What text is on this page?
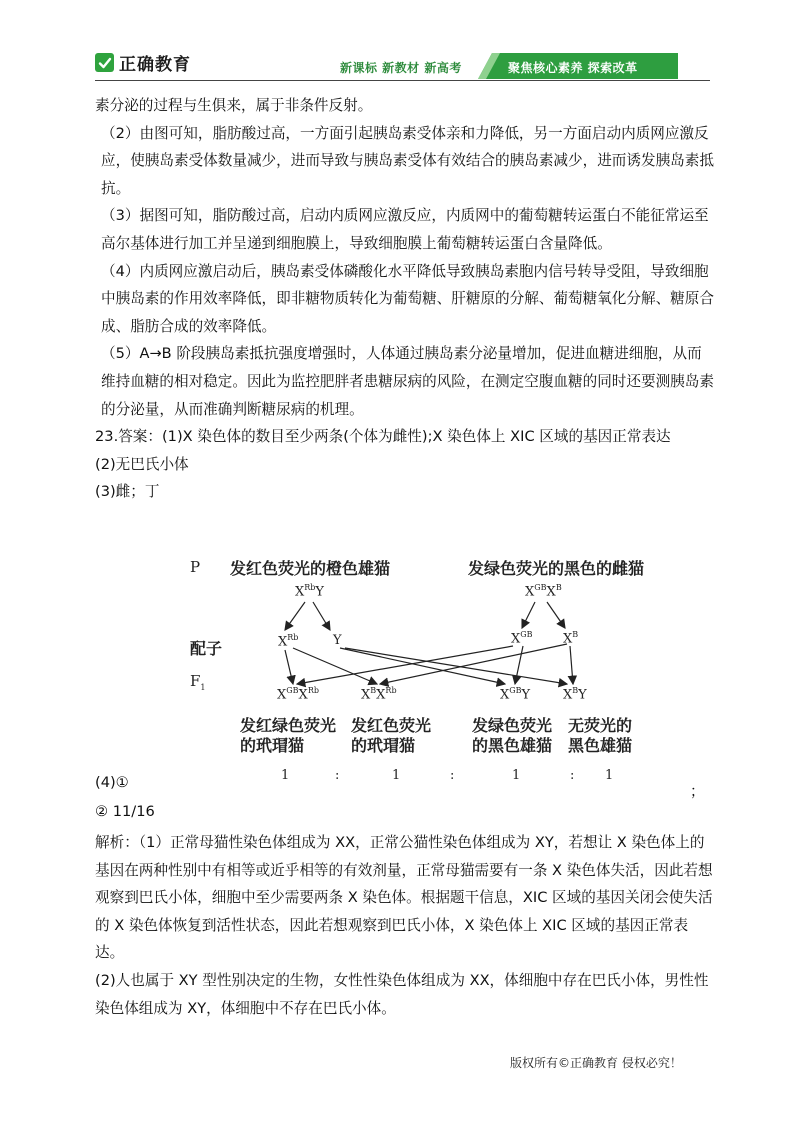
正确教育	新课标 新教材 新高考	聚焦核心素养 探索改革

素分泌的过程与生俱来，属于非条件反射。

（2）由图可知，脂肪酸过高，一方面引起胰岛素受体亲和力降低，另一方面启动内质网应激反应，使胰岛素受体数量减少，进而导致与胰岛素受体有效结合的胰岛素减少，进而诱发胰岛素抵抗。

（3）据图可知，脂防酸过高，启动内质网应激反应，内质网中的葡萄糖转运蛋白不能征常运至高尔基体进行加工并呈递到细胞膜上，导致细胞膜上葡萄糖转运蛋白含量降低。

（4）内质网应激启动后，胰岛素受体磷酸化水平降低导致胰岛素胞内信号转导受阻，导致细胞中胰岛素的作用效率降低，即非糖物质转化为葡萄糖、肝糖原的分解、葡萄糖氧化分解、糖原合成、脂肪合成的效率降低。

（5）A→B 阶段胰岛素抵抗强度增强时，人体通过胰岛素分泌量增加，促进血糖进细胞，从而维持血糖的相对稳定。因此为监控肥胖者患糖尿病的风险，在测定空腹血糖的同时还要测胰岛素的分泌量，从而准确判断糖尿病的机理。

23.答案：(1)X 染色体的数目至少两条(个体为雌性);X 染色体上 XIC 区域的基因正常表达

(2)无巴氏小体

(3)雌；丁

P 发红色荧光的橙色雄猫	发绿色荧光的黑色的雌猫
$X^{Rb}Y$	$X^{GB}X^B$
配子	$X^{Rb}$	Y	$X^{GB}$ $X^B$
$F_1$	$X^{GB}X^{Rb}$	$X^BX^{Rb}$	$X^{GB}Y$	$X^BY$
发红绿色荧光
的玳瑁猫
发红色荧光
的玳瑁猫
发绿色荧光
的黑色雄猫
无荧光的
黑色雄猫
1	:	1	:	1	: 1
(4)①
；
② 11/16

解析：（1）正常母猫性染色体组成为 XX，正常公猫性染色体组成为 XY，若想让 X 染色体上的基因在两种性别中有相等或近乎相等的有效剂量，正常母猫需要有一条 X 染色体失活，因此若想观察到巴氏小体，细胞中至少需要两条 X 染色体。根据题干信息，XIC 区域的基因关闭会使失活的 X 染色体恢复到活性状态，因此若想观察到巴氏小体，X 染色体上 XIC 区域的基因正常表达。

(2)人也属于 XY 型性别决定的生物，女性性染色体组成为 XX，体细胞中存在巴氏小体，男性性染色体组成为 XY，体细胞中不存在巴氏小体。

版权所有©正确教育 侵权必究！
